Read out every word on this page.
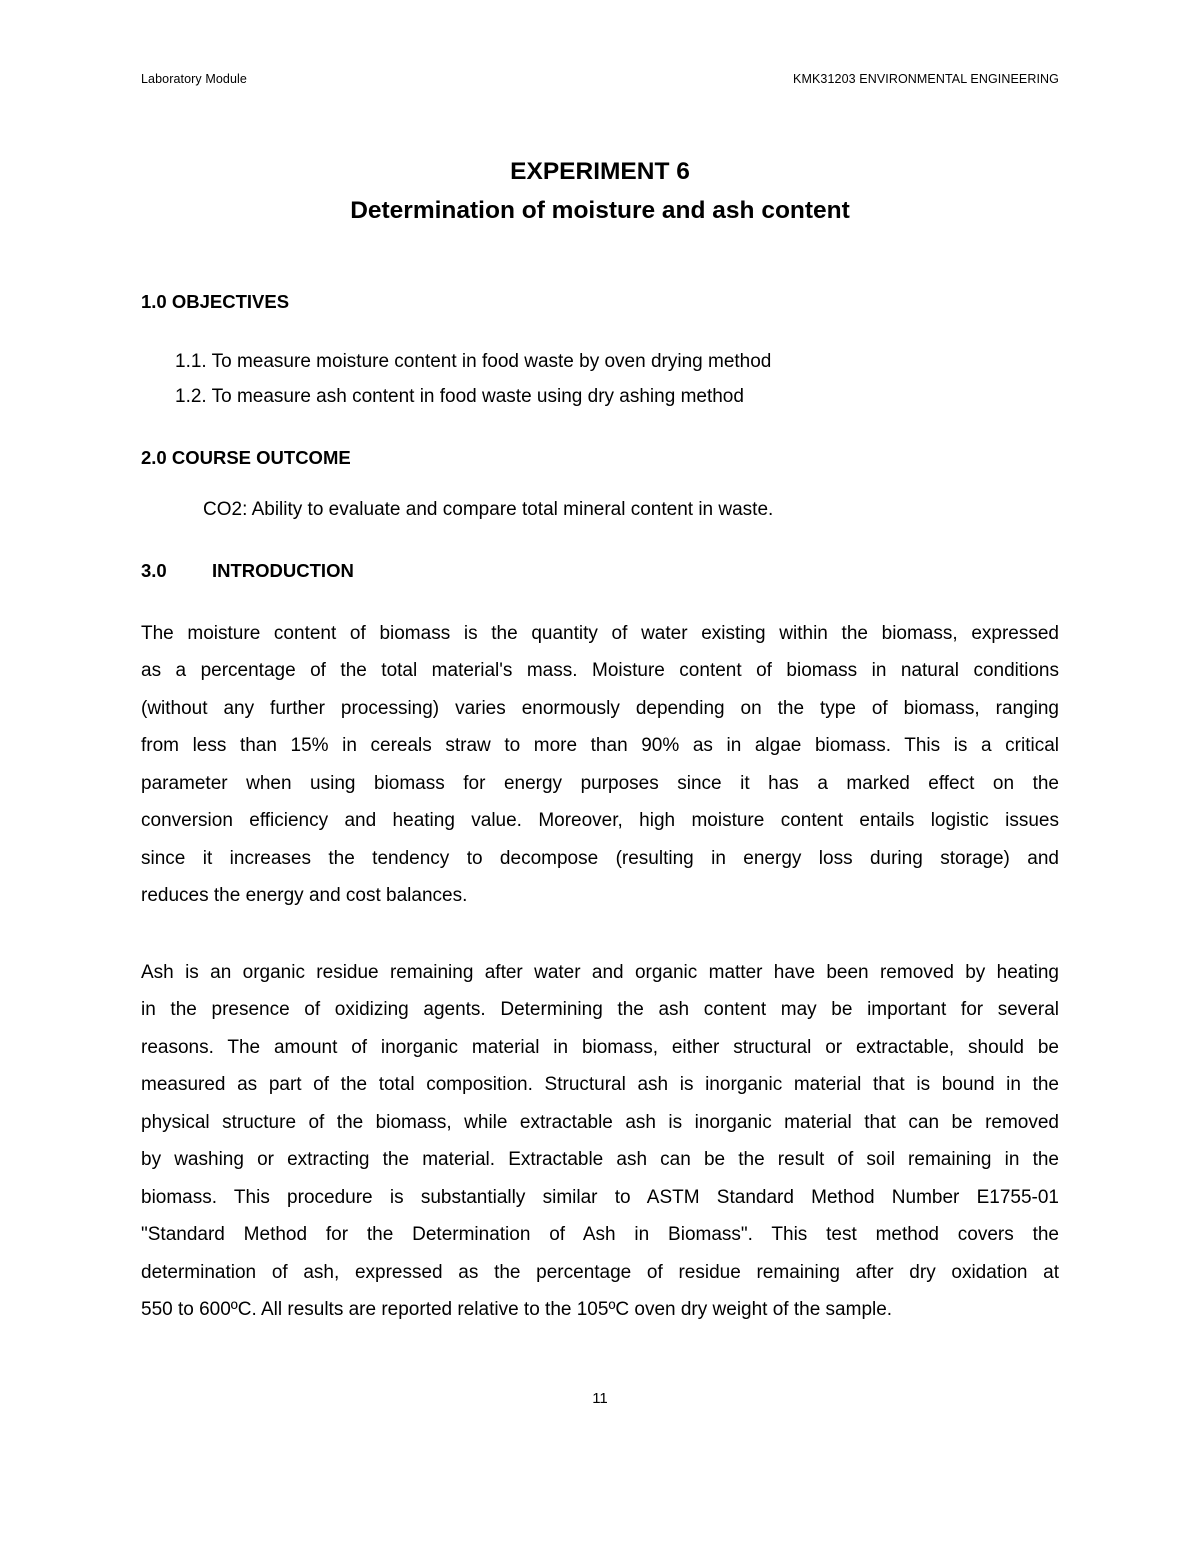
Laboratory Module	KMK31203 ENVIRONMENTAL ENGINEERING
EXPERIMENT 6
Determination of moisture and ash content
1.0 OBJECTIVES
1.1. To measure moisture content in food waste by oven drying method
1.2. To measure ash content in food waste using dry ashing method
2.0 COURSE OUTCOME
CO2: Ability to evaluate and compare total mineral content in waste.
3.0 INTRODUCTION
The moisture content of biomass is the quantity of water existing within the biomass, expressed
as a percentage of the total material's mass. Moisture content of biomass in natural conditions
(without any further processing) varies enormously depending on the type of biomass, ranging
from less than 15% in cereals straw to more than 90% as in algae biomass. This is a critical
parameter when using biomass for energy purposes since it has a marked effect on the
conversion efficiency and heating value. Moreover, high moisture content entails logistic issues
since it increases the tendency to decompose (resulting in energy loss during storage) and
reduces the energy and cost balances.
Ash is an organic residue remaining after water and organic matter have been removed by heating
in the presence of oxidizing agents. Determining the ash content may be important for several
reasons. The amount of inorganic material in biomass, either structural or extractable, should be
measured as part of the total composition. Structural ash is inorganic material that is bound in the
physical structure of the biomass, while extractable ash is inorganic material that can be removed
by washing or extracting the material. Extractable ash can be the result of soil remaining in the
biomass. This procedure is substantially similar to ASTM Standard Method Number E1755-01
"Standard Method for the Determination of Ash in Biomass". This test method covers the
determination of ash, expressed as the percentage of residue remaining after dry oxidation at
550 to 600ºC. All results are reported relative to the 105ºC oven dry weight of the sample.
11
